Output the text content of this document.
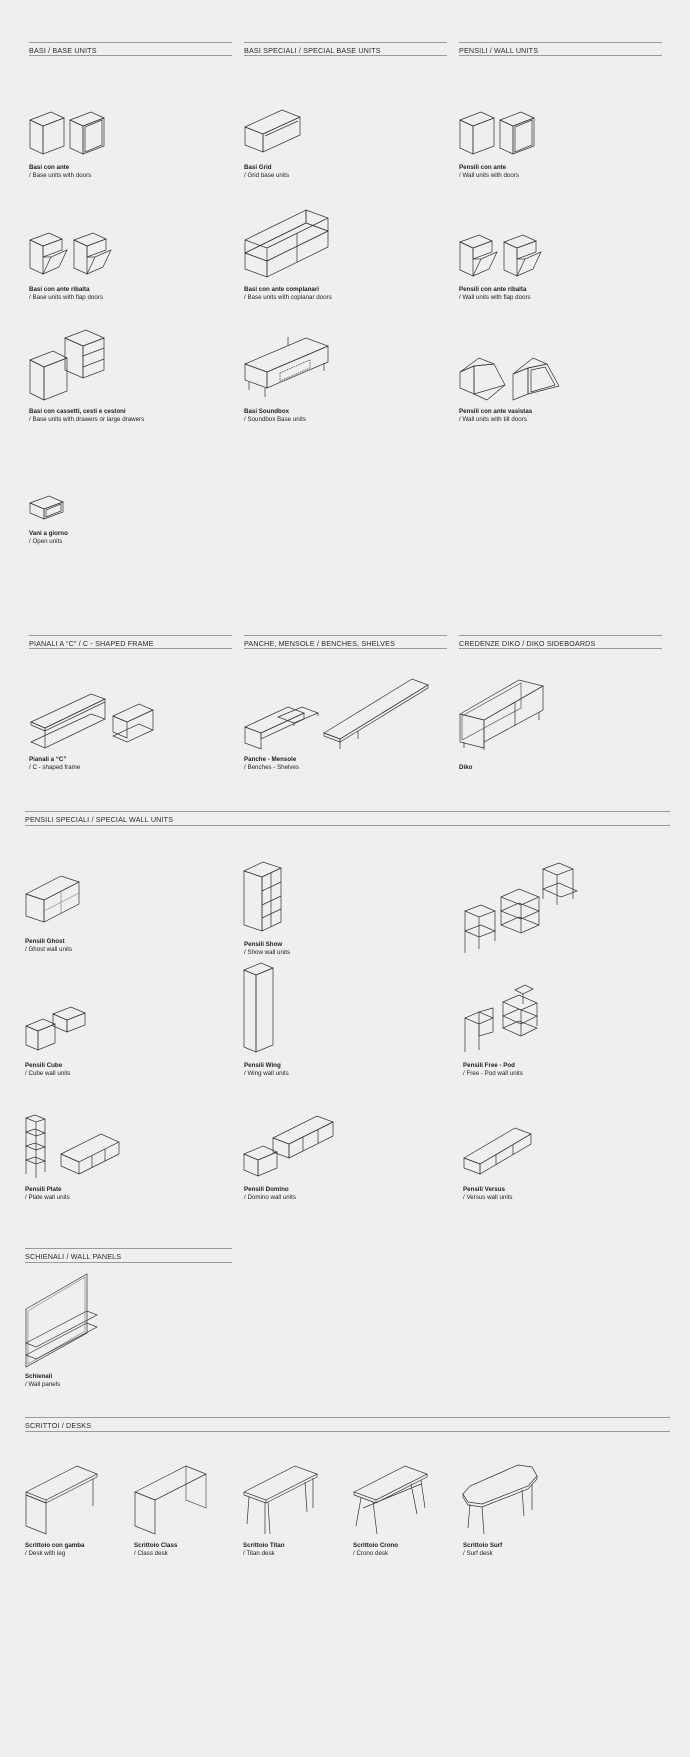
BASI / BASE UNITS	BASI SPECIALI / SPECIAL BASE UNITS	PENSILI / WALL UNITS
Basi con ante
/ Base units with doors
Basi con ante ribalta
/ Base units with flap doors
Basi con cassetti, cesti e cestoni
/ Base units with drawers or large drawers
Vani a giorno
/ Open units
Basi Grid
/ Grid base units
Basi con ante complanari
/ Base units with coplanar doors
Basi Soundbox
/ Soundbox Base units
Pensili con ante
/ Wall units with doors
Pensili con ante ribalta
/ Wall units with flap doors
Pensili con ante vasistas
/ Wall units with tilt doors
PIANALI A “C” / C - SHAPED FRAME	PANCHE, MENSOLE / BENCHES, SHELVES	CREDENZE DIKO / DIKO SIDEBOARDS
Pianali a “C”
/ C - shaped frame
Panche - Mensole
/ Benches - Shelves	Diko
PENSILI SPECIALI / SPECIAL WALL UNITS
Pensili Ghost
/ Ghost wall units
Pensili Show
/ Show wall units
Pensili Cube
/ Cube wall units
Pensili Wing
/ Wing wall units
Pensili Free - Pod
/ Free - Pod wall units
Pensili Plate
/ Plate wall units
Pensili Domino
/ Domino wall units
Pensili Versus
/ Versus wall units
SCHIENALI / WALL PANELS
Schienali
/ Wall panels
SCRITTOI / DESKS
Scrittoio con gamba
/ Desk with leg
Scrittoio Class
/ Class desk
Scrittoio Titan
/ Titan desk
Scrittoio Crono
/ Crono desk
Scrittoio Surf
/ Surf desk
